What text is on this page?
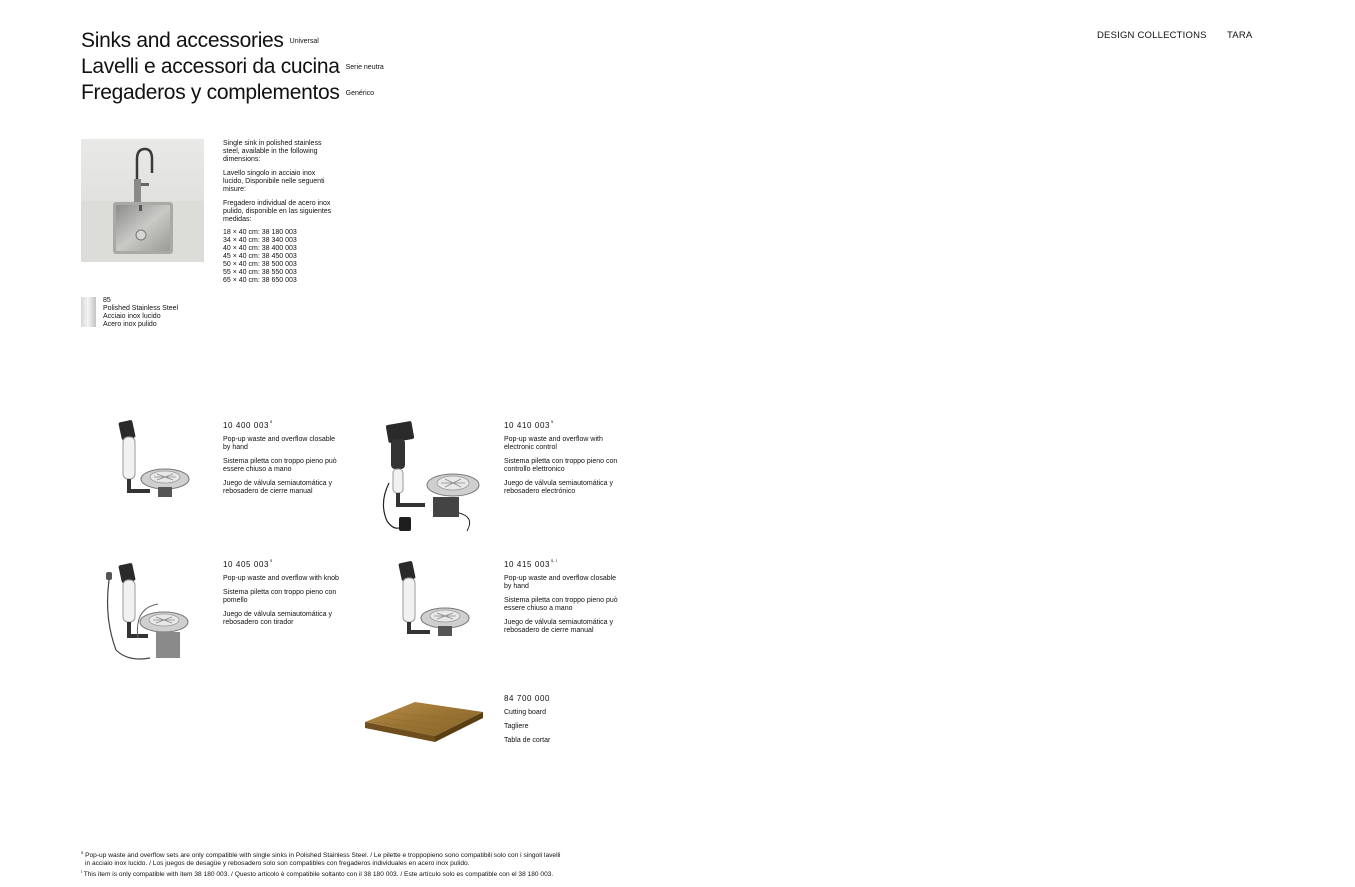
Sinks and accessories $^{Universal}$
Lavelli e accessori da cucina $^{Serie neutra}$
Fregaderos y complementos $^{Genérico}$
DESIGN COLLECTIONS TARA

Single sink in polished stainless steel, available in the following dimensions:

Lavello singolo in acciaio inox lucido, Disponibile nelle seguenti misure:

Fregadero individual de acero inox pulido, disponible en las siguientes medidas:

18 × 40 cm: 38 180 003
34 × 40 cm: 38 340 003
40 × 40 cm: 38 400 003
45 × 40 cm: 38 450 003
50 × 40 cm: 38 500 003
55 × 40 cm: 38 550 003
65 × 40 cm: 38 650 003
85
Polished Stainless Steel
Acciaio inox lucido
Acero inox pulido
10 400 003$^s$

Pop-up waste and overflow closable by hand

Sistema piletta con troppo pieno può essere chiuso a mano

Juego de válvula semiautomática y rebosadero de cierre manual

10 410 003$^s$

Pop-up waste and overflow with electronic control

Sistema piletta con troppo pieno con controllo elettronico

Juego de válvula semiautomática y rebosadero electrónico

10 405 003$^s$

Pop-up waste and overflow with knob

Sistema piletta con troppo pieno con pomello

Juego de válvula semiautomática y rebosadero con tirador

10 415 003$^{s, i}$

Pop-up waste and overflow closable by hand

Sistema piletta con troppo pieno può essere chiuso a mano

Juego de válvula semiautomática y rebosadero de cierre manual

84 700 000

Cutting board

Tagliere

Tabla de cortar

$^s$ Pop-up waste and overflow sets are only compatible with single sinks in Polished Stainless Steel. / Le pilette e troppopieno sono compatibili solo con i singoli lavelli
in acciaio inox lucido. / Los juegos de desagüe y rebosadero solo son compatibles con fregaderos individuales en acero inox pulido.
$^i$ This item is only compatible with item 38 180 003. / Questo articolo è compatibile soltanto con il 38 180 003. / Este artículo solo es compatible con el 38 180 003.
